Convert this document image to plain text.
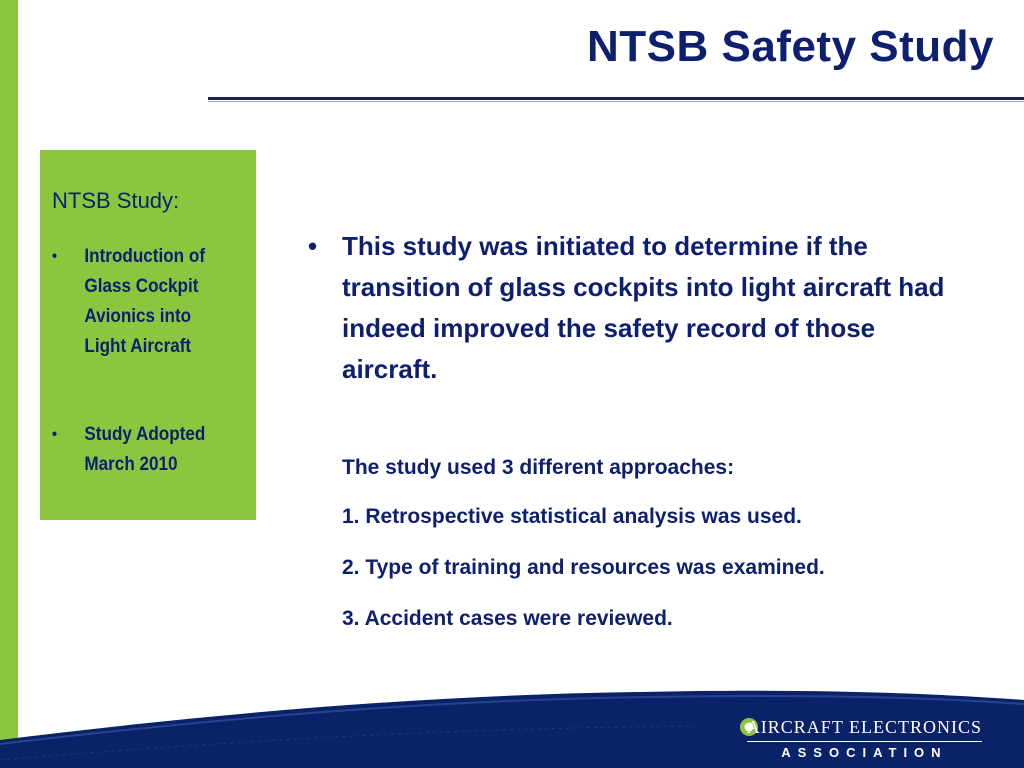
NTSB Safety Study
NTSB Study:
• Introduction of Glass Cockpit Avionics into Light Aircraft
• Study Adopted March 2010
• This study was initiated to determine if the transition of glass cockpits into light aircraft had indeed improved the safety record of those aircraft.
The study used 3 different approaches:
1. Retrospective statistical analysis was used.
2. Type of training and resources was examined.
3. Accident cases were reviewed.
AIRCRAFT ELECTRONICS
ASSOCIATION
